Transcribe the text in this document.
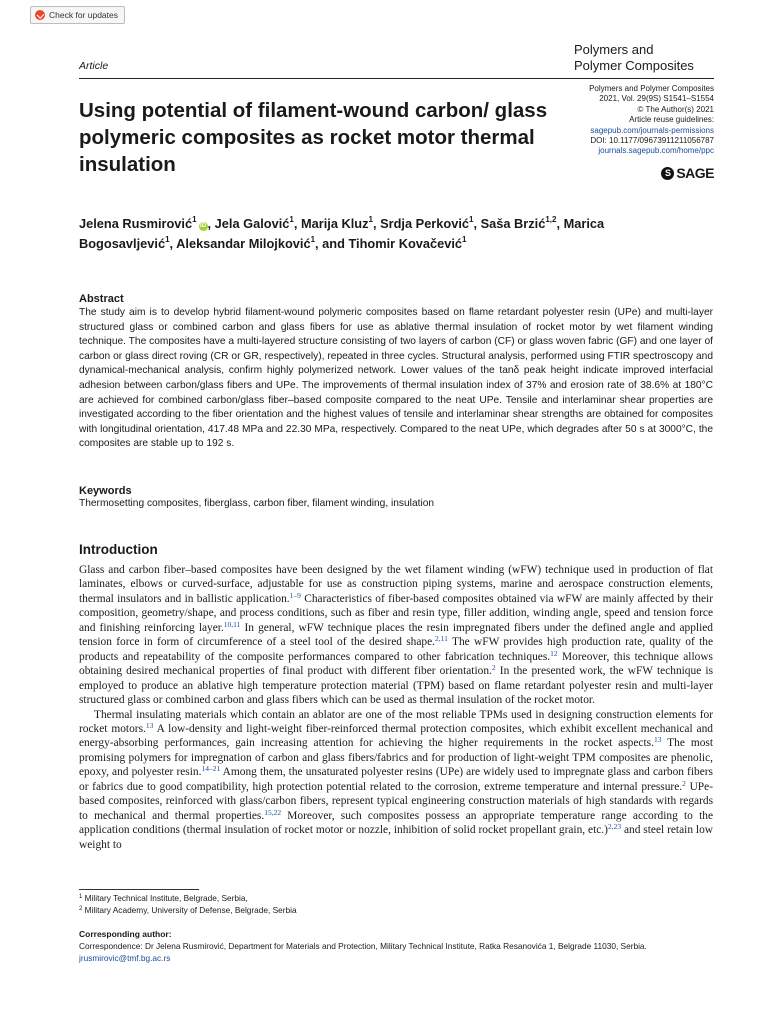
Check for updates
Article
Polymers and
Polymer Composites
Using potential of filament-wound carbon/ glass polymeric composites as rocket motor thermal insulation
Polymers and Polymer Composites
2021, Vol. 29(9S) S1541–S1554
© The Author(s) 2021
Article reuse guidelines:
sagepub.com/journals-permissions
DOI: 10.1177/09673911211056787
journals.sagepub.com/home/ppc
S SAGE

Jelena Rusmirović$^1$iD , Jela Galović$^1$, Marija Kluz$^1$, Srdja Perković$^1$, Saša Brzić$^{1,2}$, Marica Bogosavljević$^1$, Aleksandar Milojković$^1$, and Tihomir Kovačević$^1$

Abstract

The study aim is to develop hybrid filament-wound polymeric composites based on flame retardant polyester resin (UPe) and multi-layer structured glass or combined carbon and glass fibers for use as ablative thermal insulation of rocket motor by wet filament winding technique. The composites have a multi-layered structure consisting of two layers of carbon (CF) or glass woven fabric (GF) and one layer of carbon or glass direct roving (CR or GR, respectively), repeated in three cycles. Structural analysis, performed using FTIR spectroscopy and dynamical-mechanical analysis, confirm highly polymerized network. Lower values of the tanδ peak height indicate improved interfacial adhesion between carbon/glass fibers and UPe. The improvements of thermal insulation index of 37% and erosion rate of 38.6% at 180°C are achieved for combined carbon/glass fiber–based composite compared to the neat UPe. Tensile and interlaminar shear properties are investigated according to the fiber orientation and the highest values of tensile and interlaminar shear strengths are obtained for composites with longitudinal orientation, 417.48 MPa and 22.30 MPa, respectively. Compared to the neat UPe, which degrades after 50 s at 3000°C, the composites are stable up to 192 s.

Keywords

Thermosetting composites, fiberglass, carbon fiber, filament winding, insulation

Introduction

Glass and carbon fiber–based composites have been designed by the wet filament winding (wFW) technique used in production of flat laminates, elbows or curved-surface, adjustable for use as construction piping systems, marine and aerospace construction elements, thermal insulators and in ballistic application.$^{1-9}$ Characteristics of fiber-based composites obtained via wFW are mainly affected by their composition, geometry/shape, and process conditions, such as fiber and resin type, filler addition, winding angle, speed and tension force and finishing reinforcing layer.$^{10,11}$ In general, wFW technique places the resin impregnated fibers under the defined angle and applied tension force in form of circumference of a steel tool of the desired shape.$^{2,11}$ The wFW provides high production rate, quality of the products and repeatability of the composite performances compared to other fabrication techniques.$^{12}$ Moreover, this technique allows obtaining desired mechanical properties of final product with different fiber orientation.$^2$ In the presented work, the wFW technique is employed to produce an ablative high temperature protection material (TPM) based on flame retardant polyester resin and multi-layer structured glass or combined carbon and glass fibers which can be used as thermal insulation of the rocket motor.

Thermal insulating materials which contain an ablator are one of the most reliable TPMs used in designing construction elements for rocket motors.$^{13}$ A low-density and light-weight fiber-reinforced thermal protection composites, which exhibit excellent mechanical and energy-absorbing performances, gain increasing attention for achieving the higher requirements in the rocket aspects.$^{13}$ The most promising polymers for impregnation of carbon and glass fibers/fabrics and for production of light-weight TPM composites are phenolic, epoxy, and polyester resin.$^{14-21}$ Among them, the unsaturated polyester resins (UPe) are widely used to impregnate glass and carbon fibers or fabrics due to good compatibility, high protection potential related to the corrosion, extreme temperature and internal pressure.$^2$ UPe-based composites, reinforced with glass/carbon fibers, represent typical engineering construction materials of high standards with regards to mechanical and thermal properties.$^{15,22}$ Moreover, such composites possess an appropriate temperature range according to the application conditions (thermal insulation of rocket motor or nozzle, inhibition of solid rocket propellant grain, etc.)$^{2,23}$ and steel retain low weight to

$^1$ Military Technical Institute, Belgrade, Serbia,
$^2$ Military Academy, University of Defense, Belgrade, Serbia
Corresponding author:
Correspondence: Dr Jelena Rusmirović, Department for Materials and Protection, Military Technical Institute, Ratka Resanovića 1, Belgrade 11030, Serbia.
jrusmirovic@tmf.bg.ac.rs
